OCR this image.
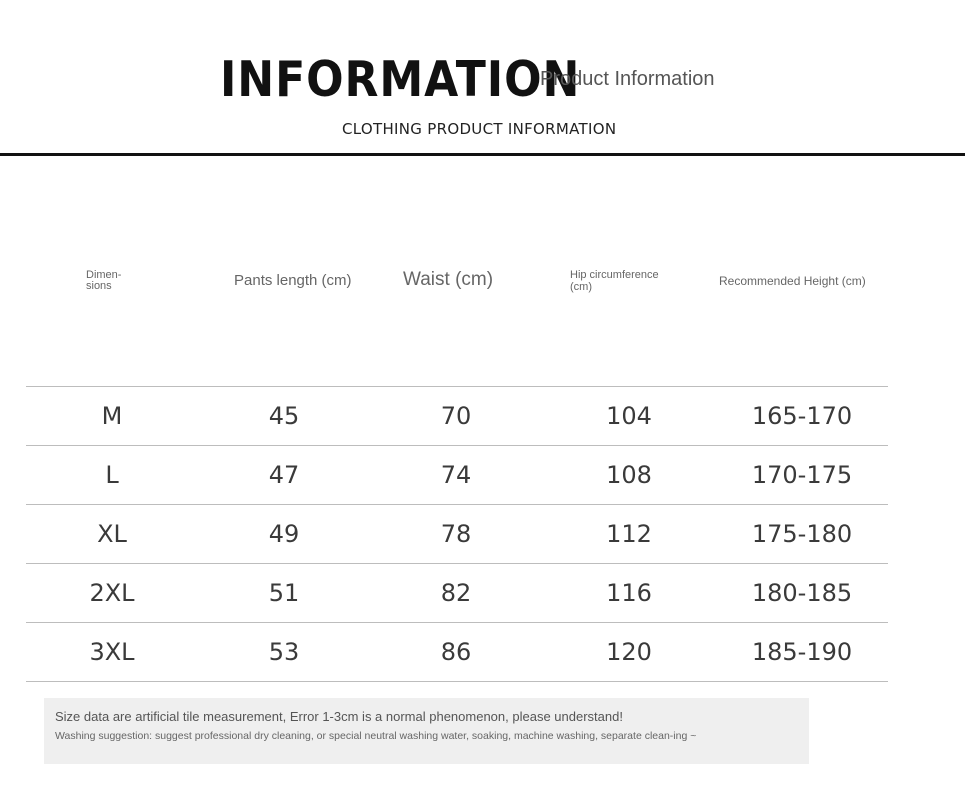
INFORMATION
Product Information
CLOTHING PRODUCT INFORMATION
Dimen- sions	Pants length (cm)	Waist (cm)	Hip circumference (cm)	Recommended Height (cm)
M	45	70	104	165-170
L	47	74	108	170-175
XL	49	78	112	175-180
2XL	51	82	116	180-185
3XL	53	86	120	185-190
Size data are artificial tile measurement, Error 1-3cm is a normal phenomenon, please understand!
Washing suggestion: suggest professional dry cleaning, or special neutral washing water, soaking, machine washing, separate clean-ing ~
